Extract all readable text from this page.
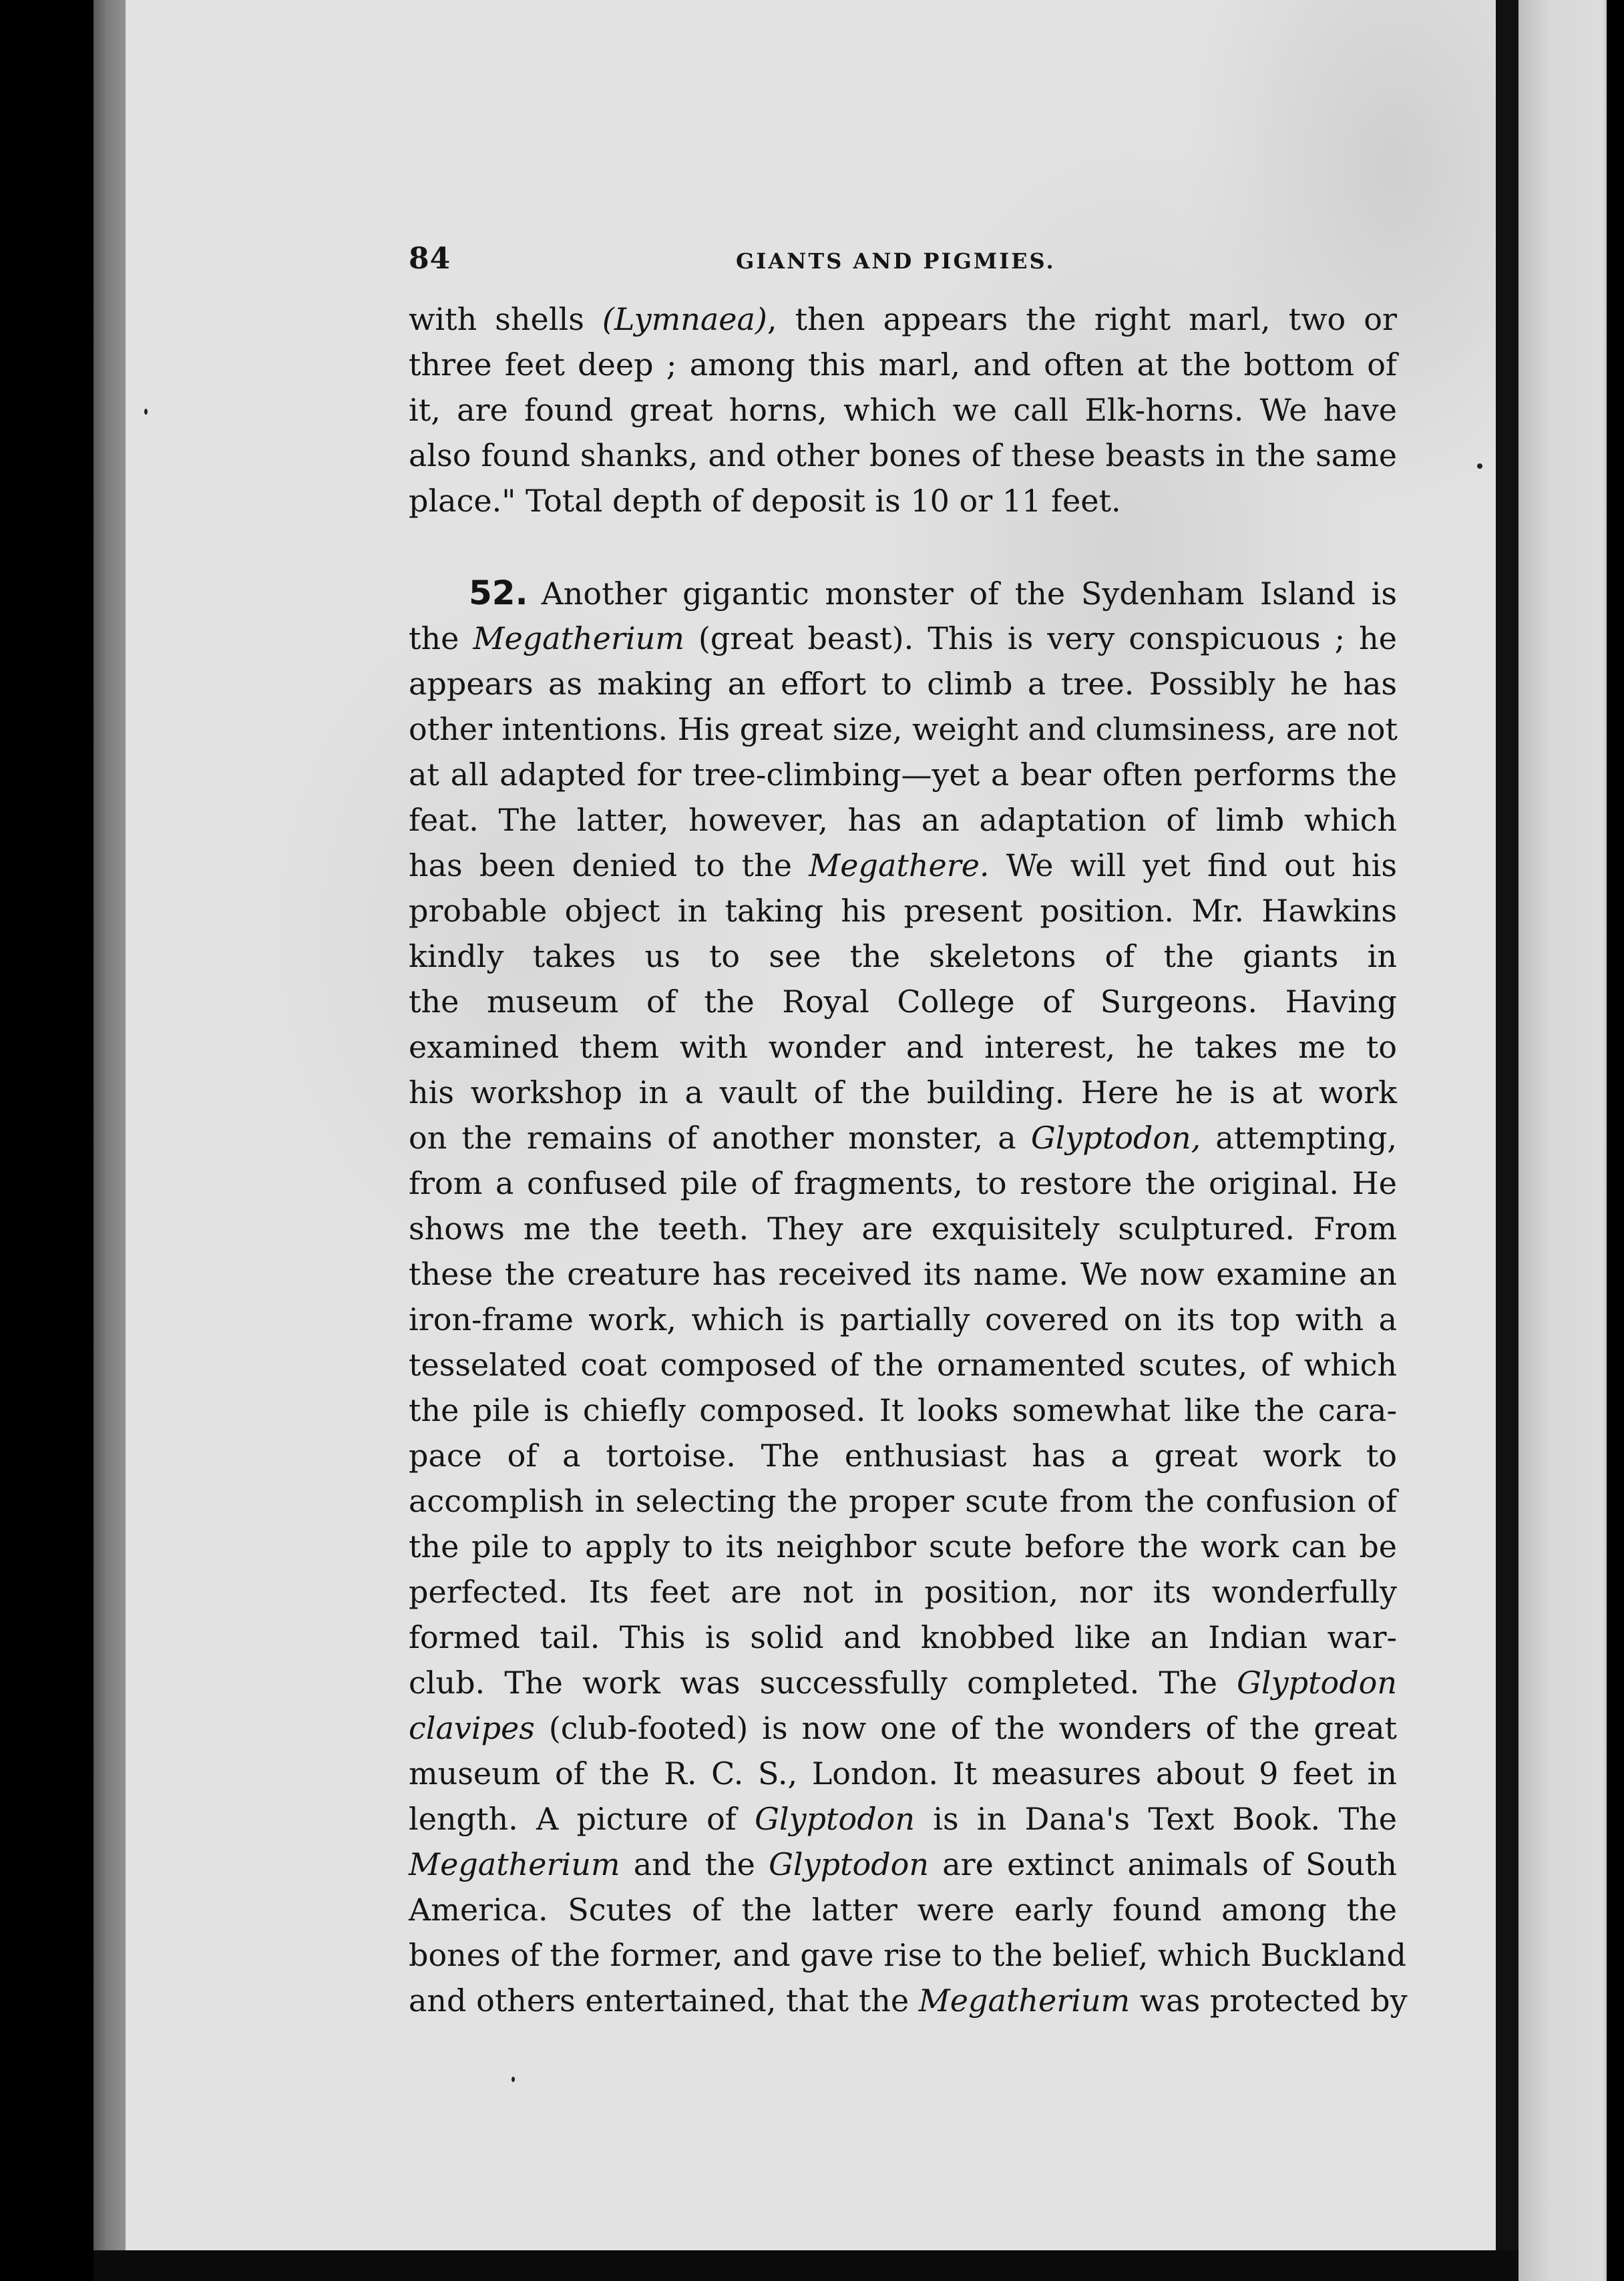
84	GIANTS AND PIGMIES.
with shells (Lymnaea), then appears the right marl, two or
three feet deep ; among this marl, and often at the bottom of
it, are found great horns, which we call Elk-horns. We have
also found shanks, and other bones of these beasts in the same
place." Total depth of deposit is 10 or 11 feet.
52. Another gigantic monster of the Sydenham Island is
the Megatherium (great beast). This is very conspicuous ; he
appears as making an effort to climb a tree. Possibly he has
other intentions. His great size, weight and clumsiness, are not
at all adapted for tree-climbing—yet a bear often performs the
feat. The latter, however, has an adaptation of limb which
has been denied to the Megathere. We will yet find out his
probable object in taking his present position. Mr. Hawkins
kindly takes us to see the skeletons of the giants in
the museum of the Royal College of Surgeons. Having
examined them with wonder and interest, he takes me to
his workshop in a vault of the building. Here he is at work
on the remains of another monster, a Glyptodon, attempting,
from a confused pile of fragments, to restore the original. He
shows me the teeth. They are exquisitely sculptured. From
these the creature has received its name. We now examine an
iron-frame work, which is partially covered on its top with a
tesselated coat composed of the ornamented scutes, of which
the pile is chiefly composed. It looks somewhat like the cara-
pace of a tortoise. The enthusiast has a great work to
accomplish in selecting the proper scute from the confusion of
the pile to apply to its neighbor scute before the work can be
perfected. Its feet are not in position, nor its wonderfully
formed tail. This is solid and knobbed like an Indian war-
club. The work was successfully completed. The Glyptodon
clavipes (club-footed) is now one of the wonders of the great
museum of the R. C. S., London. It measures about 9 feet in
length. A picture of Glyptodon is in Dana's Text Book. The
Megatherium and the Glyptodon are extinct animals of South
America. Scutes of the latter were early found among the
bones of the former, and gave rise to the belief, which Buckland
and others entertained, that the Megatherium was protected by
